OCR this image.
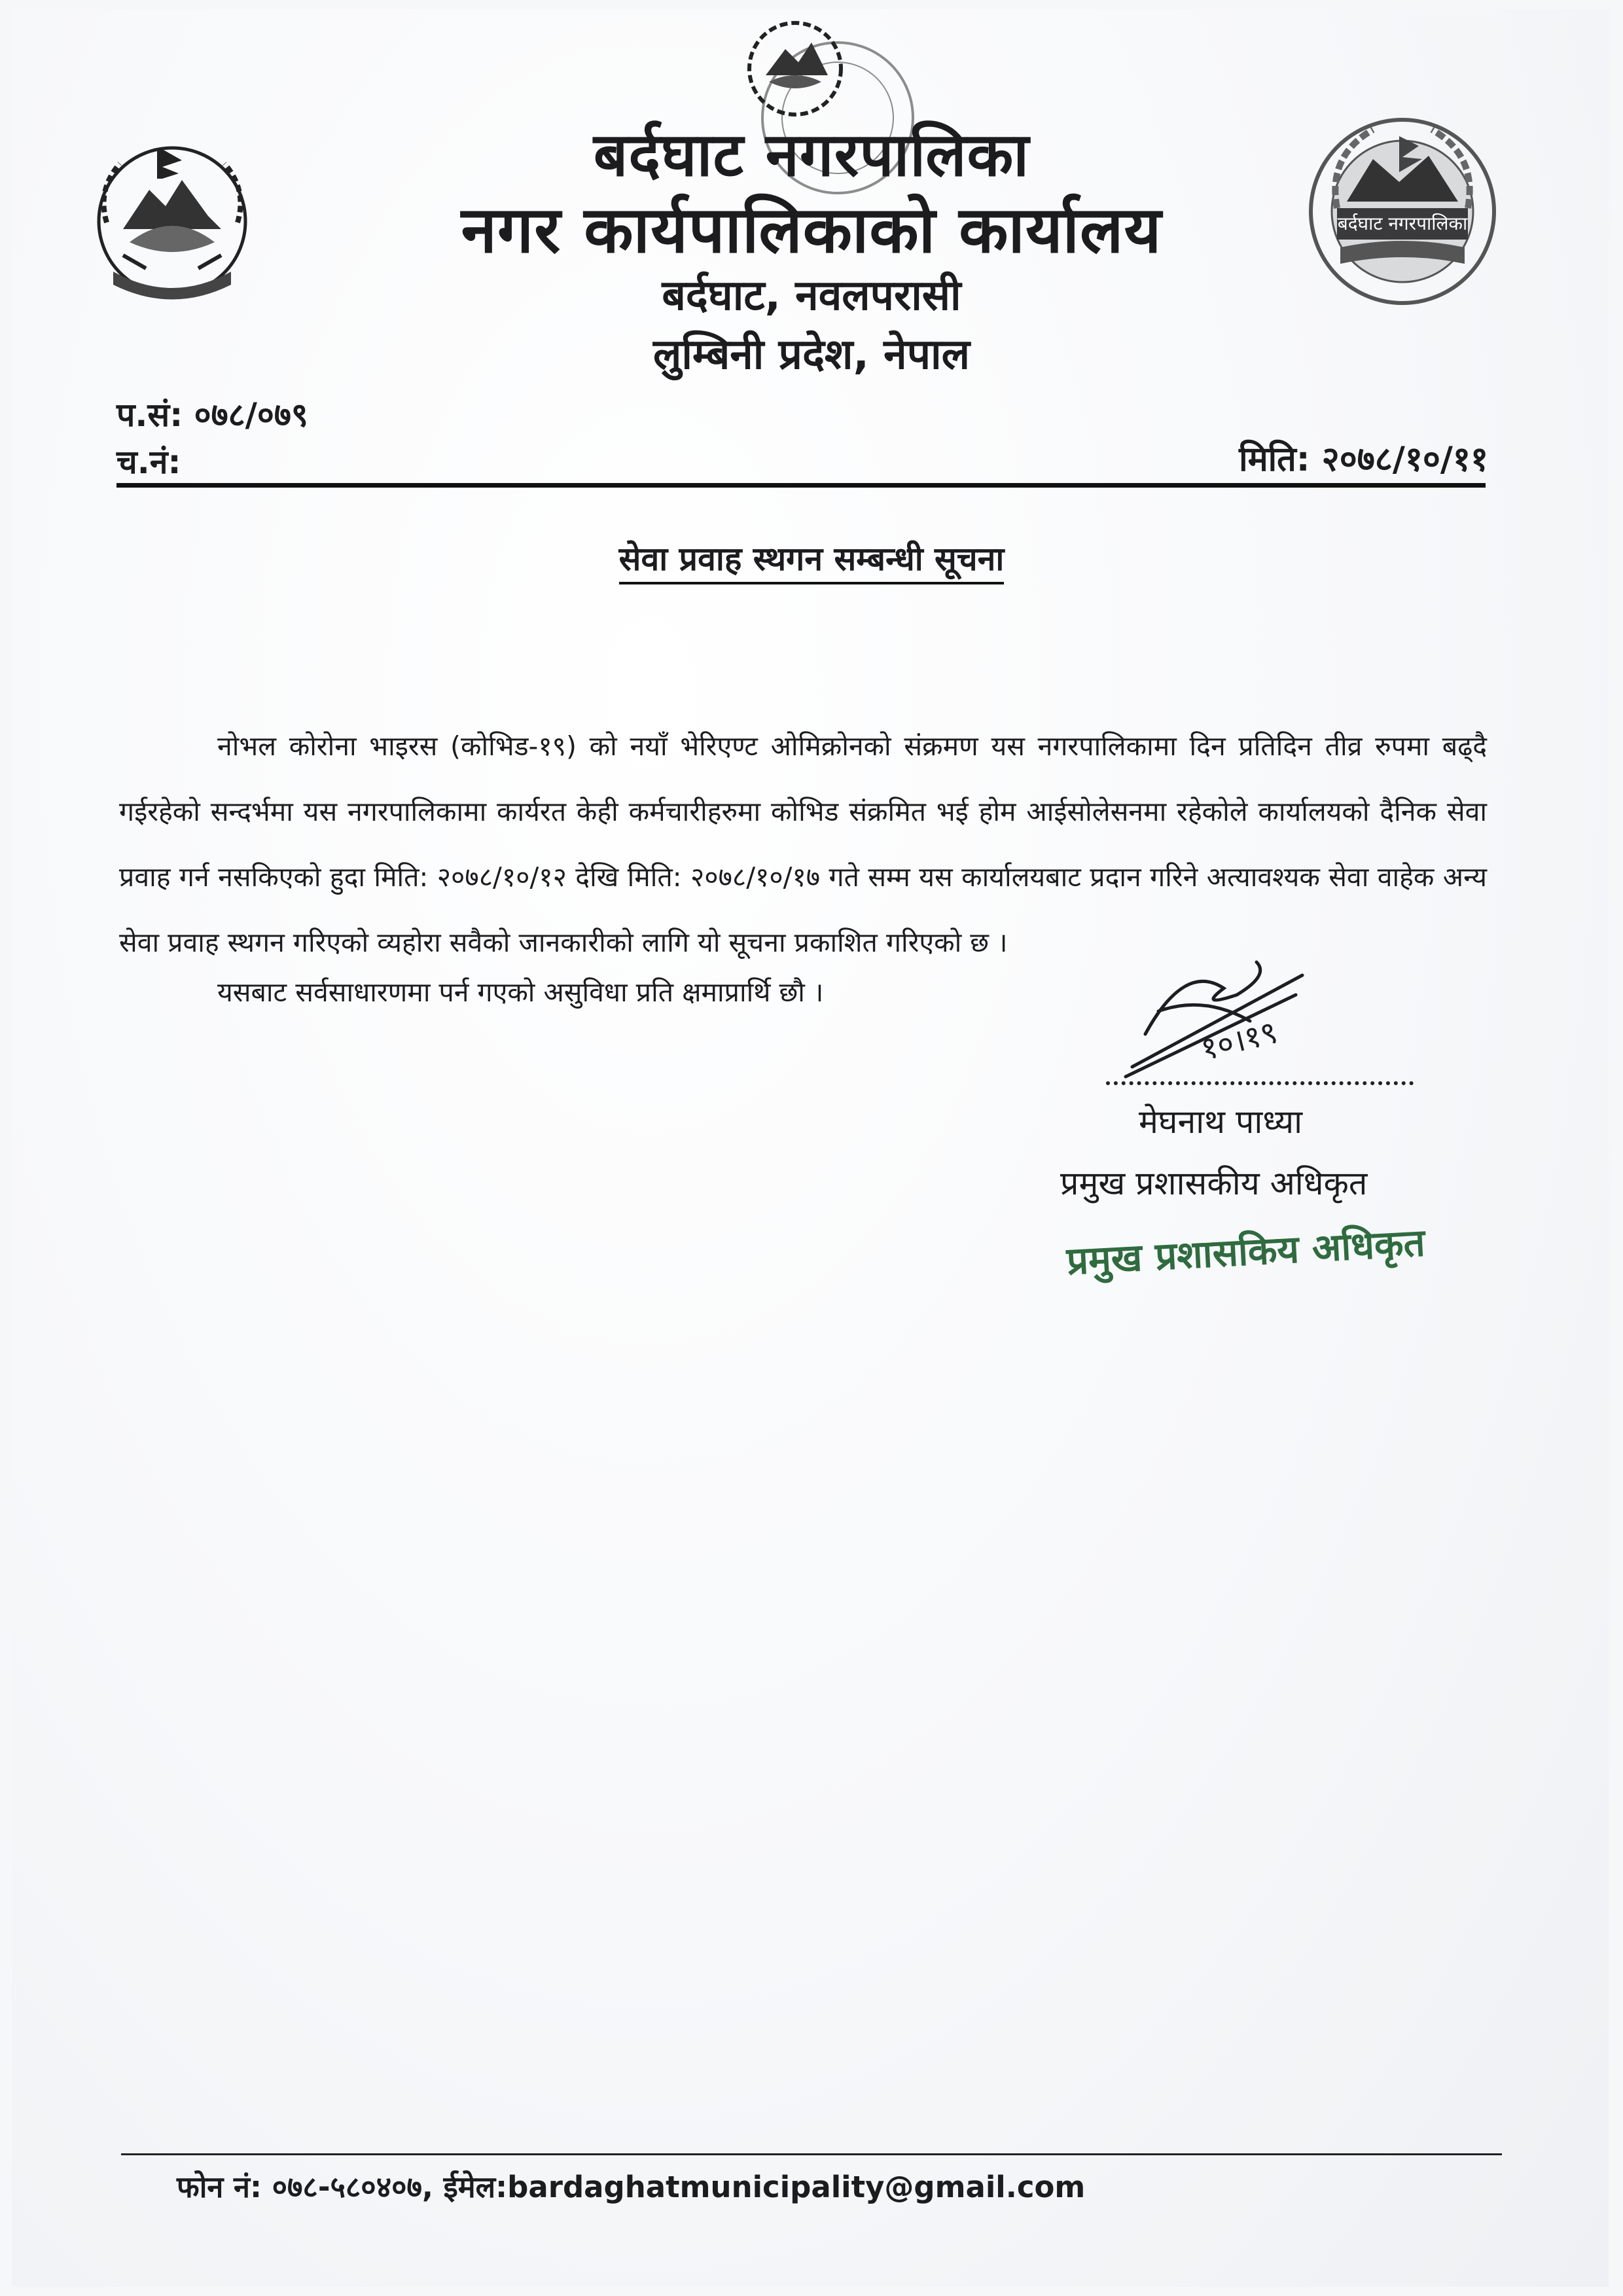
बर्दघाट नगरपालिका
बर्दघाट नगरपालिका
नगर कार्यपालिकाको कार्यालय
बर्दघाट, नवलपरासी
लुम्बिनी प्रदेश, नेपाल
प.सं: ०७८/०७९
च.नं:	मिति: २०७८/१०/११
सेवा प्रवाह स्थगन सम्बन्धी सूचना
नोभल कोरोना भाइरस (कोभिड-१९) को नयाँ भेरिएण्ट ओमिक्रोनको संक्रमण यस नगरपालिकामा दिन प्रतिदिन तीव्र रुपमा बढ्दै गईरहेको सन्दर्भमा यस नगरपालिकामा कार्यरत केही कर्मचारीहरुमा कोभिड संक्रमित भई होम आईसोलेसनमा रहेकोले कार्यालयको दैनिक सेवा प्रवाह गर्न नसकिएको हुदा मिति: २०७८/१०/१२ देखि मिति: २०७८/१०/१७ गते सम्म यस कार्यालयबाट प्रदान गरिने अत्यावश्यक सेवा वाहेक अन्य सेवा प्रवाह स्थगन गरिएको व्यहोरा सवैको जानकारीको लागि यो सूचना प्रकाशित गरिएको छ ।
यसबाट सर्वसाधारणमा पर्न गएको असुविधा प्रति क्षमाप्रार्थि छौ ।
१०।१९
मेघनाथ पाध्या
प्रमुख प्रशासकीय अधिकृत
प्रमुख प्रशासकिय अधिकृत
फोन नं: ०७८-५८०४०७, ईमेल:bardaghatmunicipality@gmail.com
